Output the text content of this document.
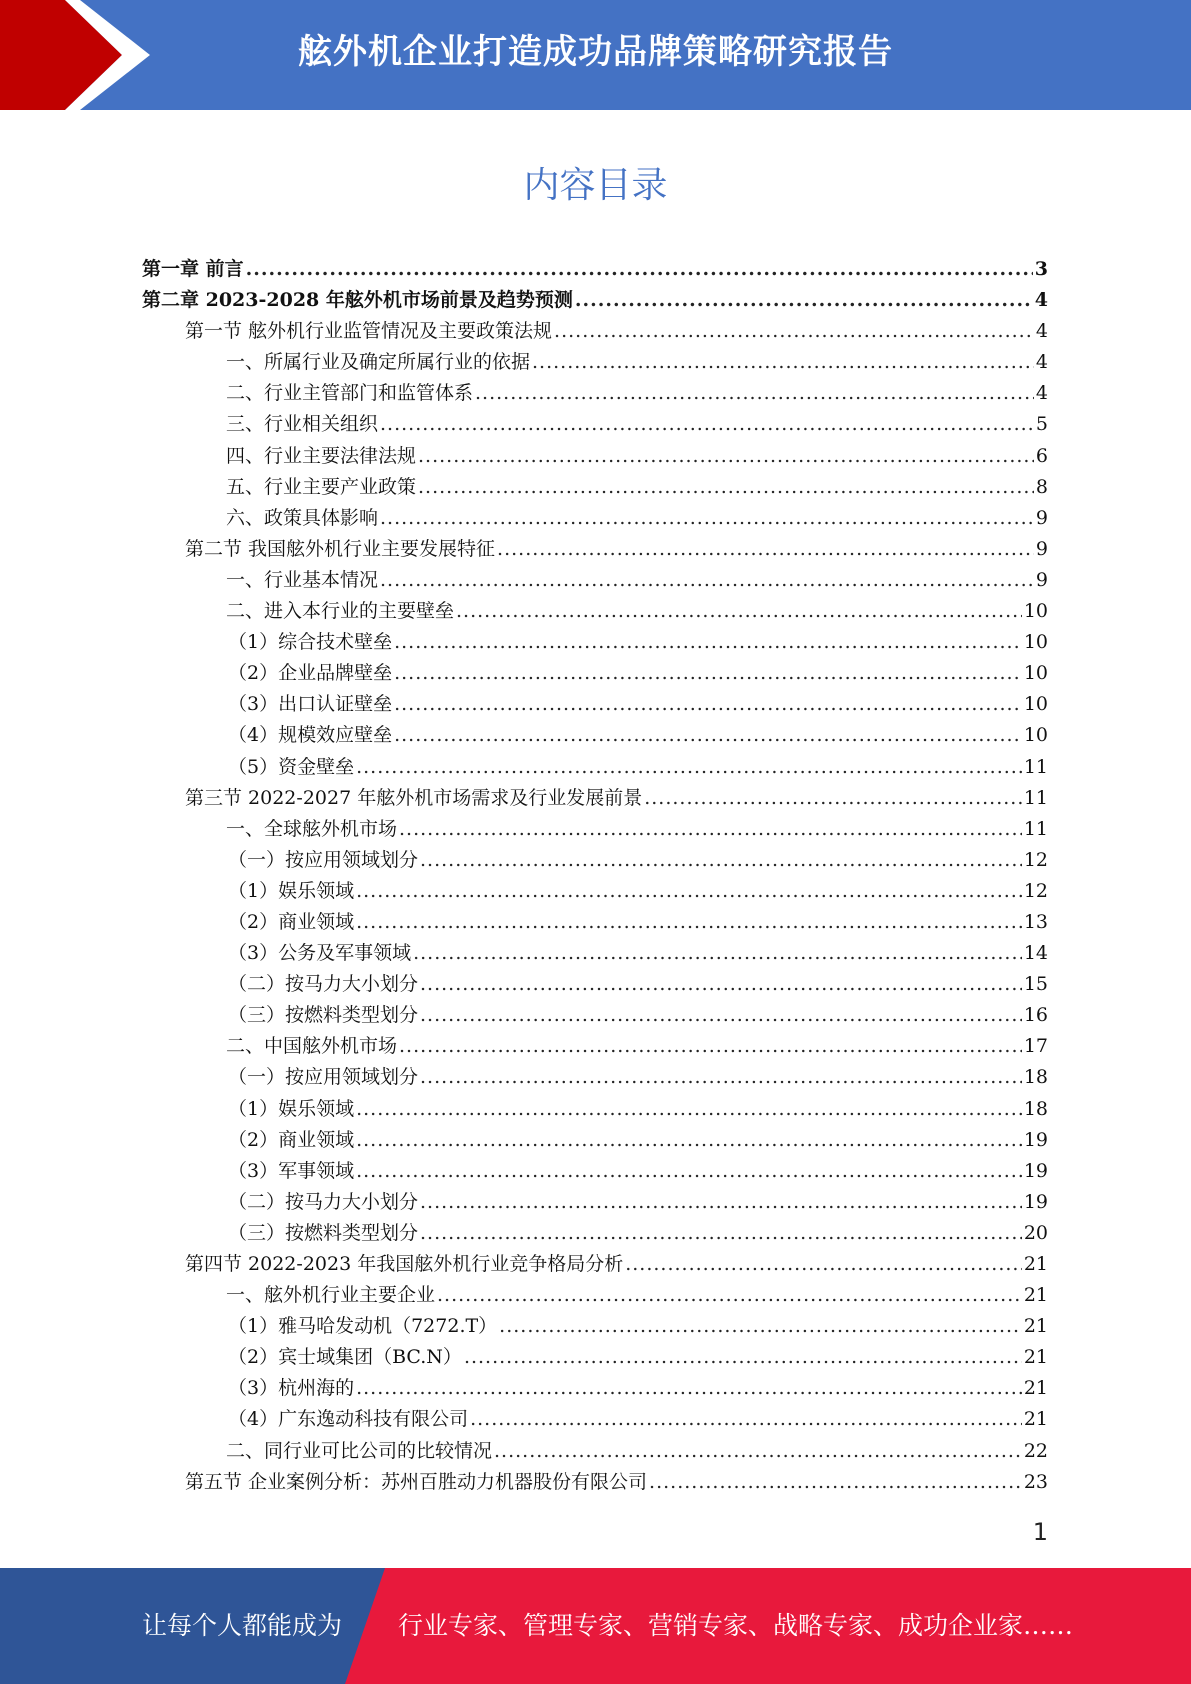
舷外机企业打造成功品牌策略研究报告
内容目录
第一章 前言 .....	3
第二章 2023-2028 年舷外机市场前景及趋势预测 .....	4
第一节 舷外机行业监管情况及主要政策法规 .....	4
一、所属行业及确定所属行业的依据 .....	4
二、行业主管部门和监管体系 .....	4
三、行业相关组织 .....	5
四、行业主要法律法规 .....	6
五、行业主要产业政策 .....	8
六、政策具体影响 .....	9
第二节 我国舷外机行业主要发展特征 .....	9
一、行业基本情况 .....	9
二、进入本行业的主要壁垒 .....	10
（1）综合技术壁垒 .....	10
（2）企业品牌壁垒 .....	10
（3）出口认证壁垒 .....	10
（4）规模效应壁垒 .....	10
（5）资金壁垒 .....	11
第三节 2022-2027 年舷外机市场需求及行业发展前景 .....	11
一、全球舷外机市场 .....	11
（一）按应用领域划分 .....	12
（1）娱乐领域 .....	12
（2）商业领域 .....	13
（3）公务及军事领域 .....	14
（二）按马力大小划分 .....	15
（三）按燃料类型划分 .....	16
二、中国舷外机市场 .....	17
（一）按应用领域划分 .....	18
（1）娱乐领域 .....	18
（2）商业领域 .....	19
（3）军事领域 .....	19
（二）按马力大小划分 .....	19
（三）按燃料类型划分 .....	20
第四节 2022-2023 年我国舷外机行业竞争格局分析 .....	21
一、舷外机行业主要企业 .....	21
（1）雅马哈发动机（7272.T） .....	21
（2）宾士域集团（BC.N） .....	21
（3）杭州海的 .....	21
（4）广东逸动科技有限公司 .....	21
二、同行业可比公司的比较情况 .....	22
第五节 企业案例分析：苏州百胜动力机器股份有限公司 .....	23
1
让每个人都能成为 行业专家、管理专家、营销专家、战略专家、成功企业家……
